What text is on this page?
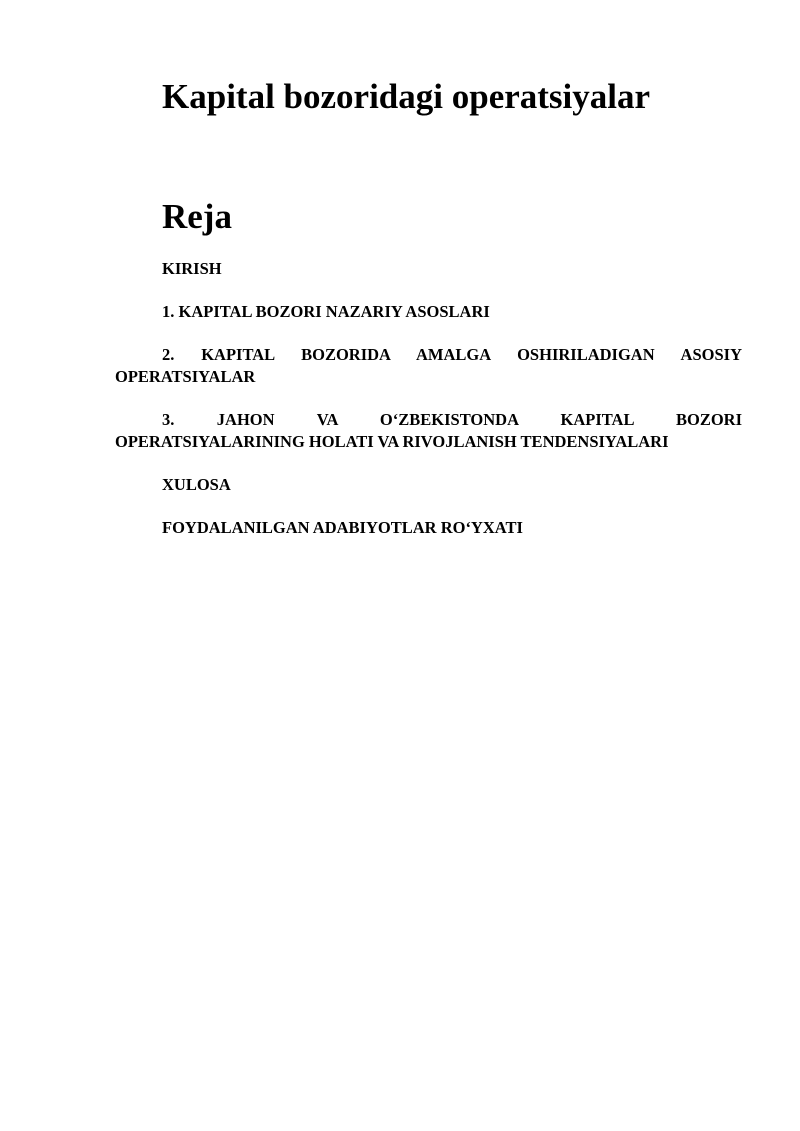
Kapital bozoridagi operatsiyalar
Reja
KIRISH
1. KAPITAL BOZORI NAZARIY ASOSLARI
2. KAPITAL BOZORIDA AMALGA OSHIRILADIGAN ASOSIY OPERATSIYALAR
3. JAHON VA O‘ZBEKISTONDA KAPITAL BOZORI OPERATSIYALARINING HOLATI VA RIVOJLANISH TENDENSIYALARI
XULOSA
FOYDALANILGAN ADABIYOTLAR RO‘YXATI
